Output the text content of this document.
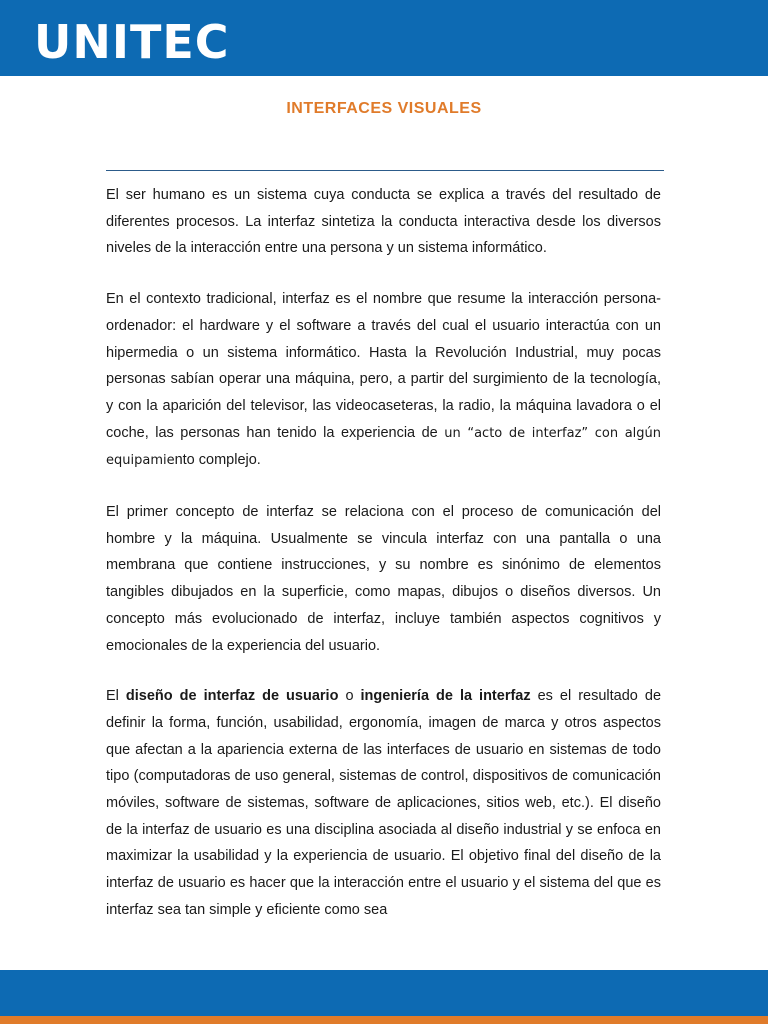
UNITEC
INTERFACES VISUALES

El ser humano es un sistema cuya conducta se explica a través del resultado de diferentes procesos. La interfaz sintetiza la conducta interactiva desde los diversos niveles de la interacción entre una persona y un sistema informático.

En el contexto tradicional, interfaz es el nombre que resume la interacción persona-ordenador: el hardware y el software a través del cual el usuario interactúa con un hipermedia o un sistema informático. Hasta la Revolución Industrial, muy pocas personas sabían operar una máquina, pero, a partir del surgimiento de la tecnología, y con la aparición del televisor, las videocaseteras, la radio, la máquina lavadora o el coche, las personas han tenido la experiencia de un “acto de interfaz” con algún equipamiento complejo.

El primer concepto de interfaz se relaciona con el proceso de comunicación del hombre y la máquina. Usualmente se vincula interfaz con una pantalla o una membrana que contiene instrucciones, y su nombre es sinónimo de elementos tangibles dibujados en la superficie, como mapas, dibujos o diseños diversos. Un concepto más evolucionado de interfaz, incluye también aspectos cognitivos y emocionales de la experiencia del usuario.

El diseño de interfaz de usuario o ingeniería de la interfaz es el resultado de definir la forma, función, usabilidad, ergonomía, imagen de marca y otros aspectos que afectan a la apariencia externa de las interfaces de usuario en sistemas de todo tipo (computadoras de uso general, sistemas de control, dispositivos de comunicación móviles, software de sistemas, software de aplicaciones, sitios web, etc.). El diseño de la interfaz de usuario es una disciplina asociada al diseño industrial y se enfoca en maximizar la usabilidad y la experiencia de usuario. El objetivo final del diseño de la interfaz de usuario es hacer que la interacción entre el usuario y el sistema del que es interfaz sea tan simple y eficiente como sea
